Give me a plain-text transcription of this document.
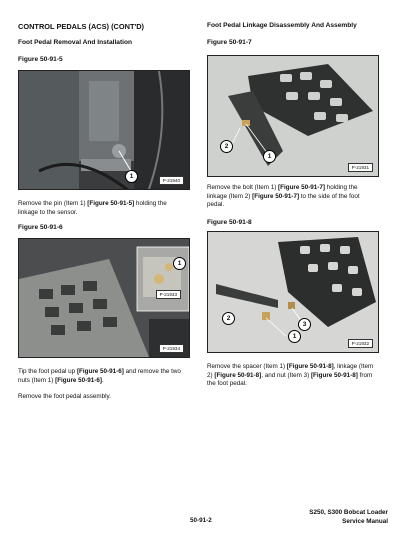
CONTROL PEDALS (ACS) (CONT'D)
Foot Pedal Removal And Installation
Figure 50-91-5
1
P-21940
Remove the pin (Item 1) [Figure 50-91-5] holding the linkage to the sensor.
Figure 50-91-6
1
P-21933
P-21934
Tip the foot pedal up [Figure 50-91-6] and remove the two nuts (Item 1) [Figure 50-91-6].
Remove the foot pedal assembly.
Foot Pedal Linkage Disassembly And Assembly
Figure 50-91-7
2
1
P-21931
Remove the bolt (Item 1) [Figure 50-91-7] holding the linkage (Item 2) [Figure 50-91-7] to the side of the foot pedal.
Figure 50-91-8
1
2
3
P-21932
Remove the spacer (Item 1) [Figure 50-91-8], linkage (Item 2) [Figure 50-91-8], and nut (Item 3) [Figure 50-91-8] from the foot pedal.
50-91-2
S250, S300 Bobcat Loader
Service Manual
